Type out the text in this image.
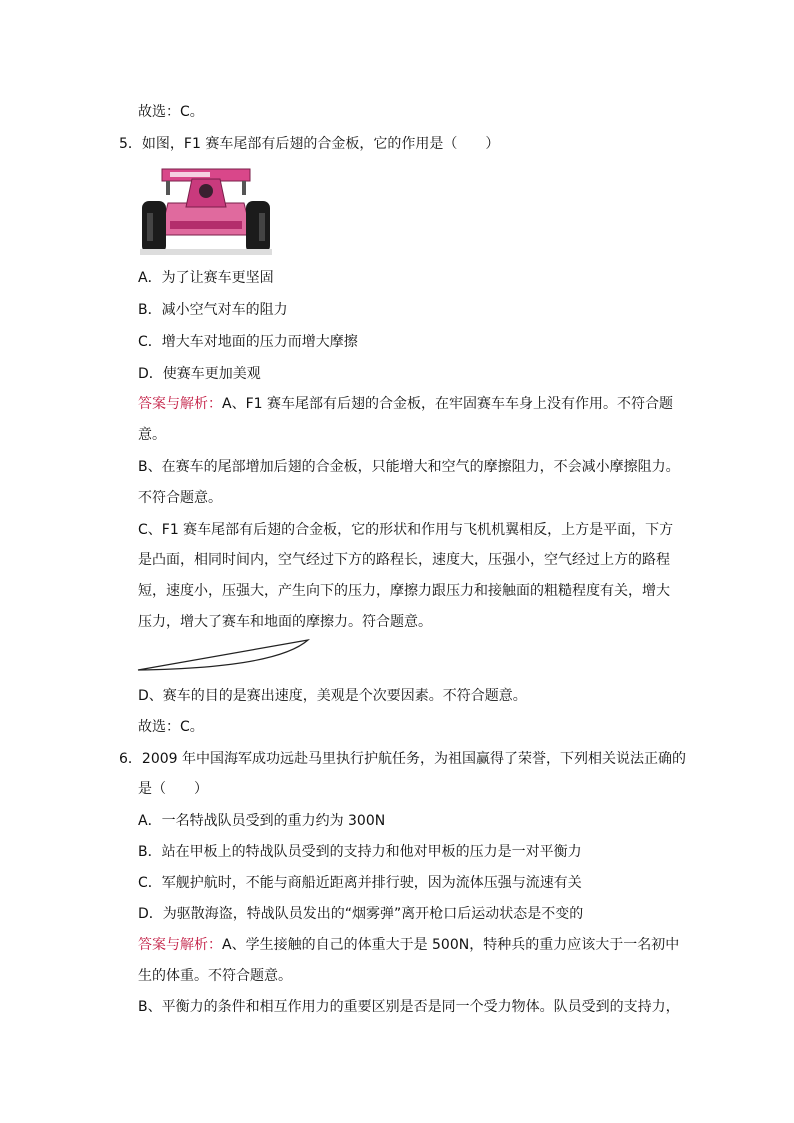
故选：C。
5．如图，F1 赛车尾部有后翅的合金板，它的作用是（　　）
A．为了让赛车更坚固
B．减小空气对车的阻力
C．增大车对地面的压力而增大摩擦
D．使赛车更加美观
答案与解析：A、F1 赛车尾部有后翅的合金板，在牢固赛车车身上没有作用。不符合题
意。
B、在赛车的尾部增加后翅的合金板，只能增大和空气的摩擦阻力，不会减小摩擦阻力。
不符合题意。
C、F1 赛车尾部有后翅的合金板，它的形状和作用与飞机机翼相反，上方是平面，下方
是凸面，相同时间内，空气经过下方的路程长，速度大，压强小，空气经过上方的路程
短，速度小，压强大，产生向下的压力，摩擦力跟压力和接触面的粗糙程度有关，增大
压力，增大了赛车和地面的摩擦力。符合题意。
D、赛车的目的是赛出速度，美观是个次要因素。不符合题意。
故选：C。
6．2009 年中国海军成功远赴马里执行护航任务，为祖国赢得了荣誉，下列相关说法正确的
是（　　）
A．一名特战队员受到的重力约为 300N
B．站在甲板上的特战队员受到的支持力和他对甲板的压力是一对平衡力
C．军舰护航时，不能与商船近距离并排行驶，因为流体压强与流速有关
D．为驱散海盗，特战队员发出的“烟雾弹”离开枪口后运动状态是不变的
答案与解析：A、学生接触的自己的体重大于是 500N，特种兵的重力应该大于一名初中
生的体重。不符合题意。
B、平衡力的条件和相互作用力的重要区别是否是同一个受力物体。队员受到的支持力，
